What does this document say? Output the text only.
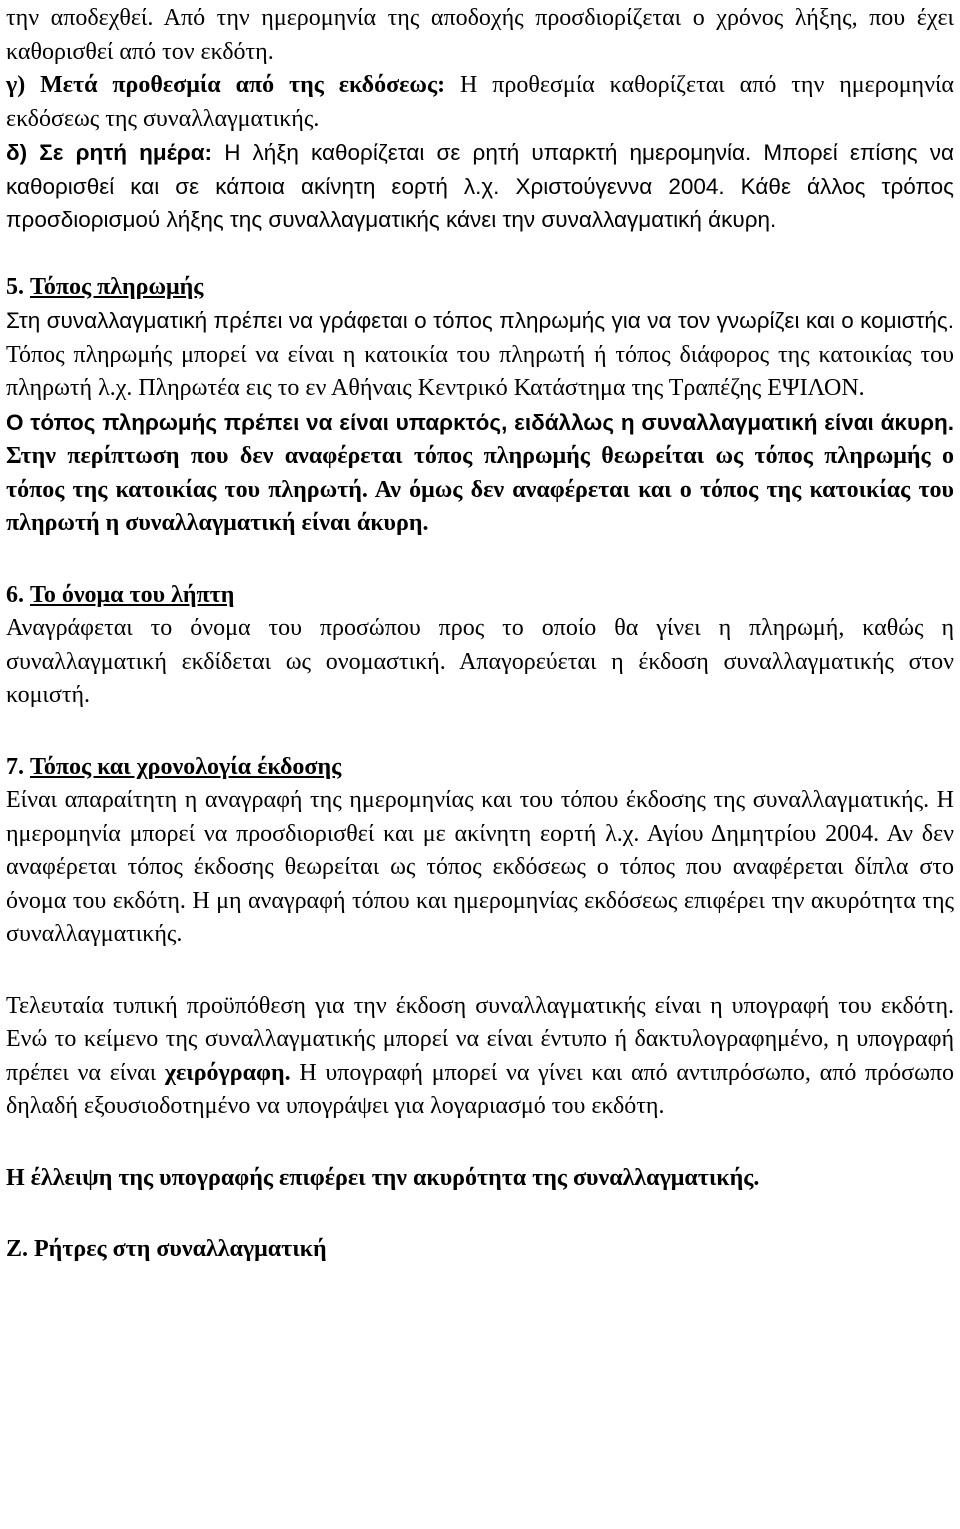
την αποδεχθεί. Από την ημερομηνία της αποδοχής προσδιορίζεται ο χρόνος λήξης, που έχει καθορισθεί από τον εκδότη.

γ) Μετά προθεσμία από της εκδόσεως: Η προθεσμία καθορίζεται από την ημερομηνία εκδόσεως της συναλλαγματικής.

δ) Σε ρητή ημέρα: Η λήξη καθορίζεται σε ρητή υπαρκτή ημερομηνία. Μπορεί επίσης να καθορισθεί και σε κάποια ακίνητη εορτή λ.χ. Χριστούγεννα 2004. Κάθε άλλος τρόπος προσδιορισμού λήξης της συναλλαγματικής κάνει την συναλλαγματική άκυρη.

5. Τόπος πληρωμής

Στη συναλλαγματική πρέπει να γράφεται ο τόπος πληρωμής για να τον γνωρίζει και ο κομιστής. Τόπος πληρωμής μπορεί να είναι η κατοικία του πληρωτή ή τόπος διάφορος της κατοικίας του πληρωτή λ.χ. Πληρωτέα εις το εν Αθήναις Κεντρικό Κατάστημα της Τραπέζης ΕΨΙΛΟΝ.

Ο τόπος πληρωμής πρέπει να είναι υπαρκτός, ειδάλλως η συναλλαγματική είναι άκυρη. Στην περίπτωση που δεν αναφέρεται τόπος πληρωμής θεωρείται ως τόπος πληρωμής ο τόπος της κατοικίας του πληρωτή. Αν όμως δεν αναφέρεται και ο τόπος της κατοικίας του πληρωτή η συναλλαγματική είναι άκυρη.

6. Το όνομα του λήπτη

Αναγράφεται το όνομα του προσώπου προς το οποίο θα γίνει η πληρωμή, καθώς η συναλλαγματική εκδίδεται ως ονομαστική. Απαγορεύεται η έκδοση συναλλαγματικής στον κομιστή.

7. Τόπος και χρονολογία έκδοσης

Είναι απαραίτητη η αναγραφή της ημερομηνίας και του τόπου έκδοσης της συναλλαγματικής. Η ημερομηνία μπορεί να προσδιορισθεί και με ακίνητη εορτή λ.χ. Αγίου Δημητρίου 2004. Αν δεν αναφέρεται τόπος έκδοσης θεωρείται ως τόπος εκδόσεως ο τόπος που αναφέρεται δίπλα στο όνομα του εκδότη. Η μη αναγραφή τόπου και ημερομηνίας εκδόσεως επιφέρει την ακυρότητα της συναλλαγματικής.

Τελευταία τυπική προϋπόθεση για την έκδοση συναλλαγματικής είναι η υπογραφή του εκδότη. Ενώ το κείμενο της συναλλαγματικής μπορεί να είναι έντυπο ή δακτυλογραφημένο, η υπογραφή πρέπει να είναι χειρόγραφη. Η υπογραφή μπορεί να γίνει και από αντιπρόσωπο, από πρόσωπο δηλαδή εξουσιοδοτημένο να υπογράψει για λογαριασμό του εκδότη.

Η έλλειψη της υπογραφής επιφέρει την ακυρότητα της συναλλαγματικής.

Ζ. Ρήτρες στη συναλλαγματική
